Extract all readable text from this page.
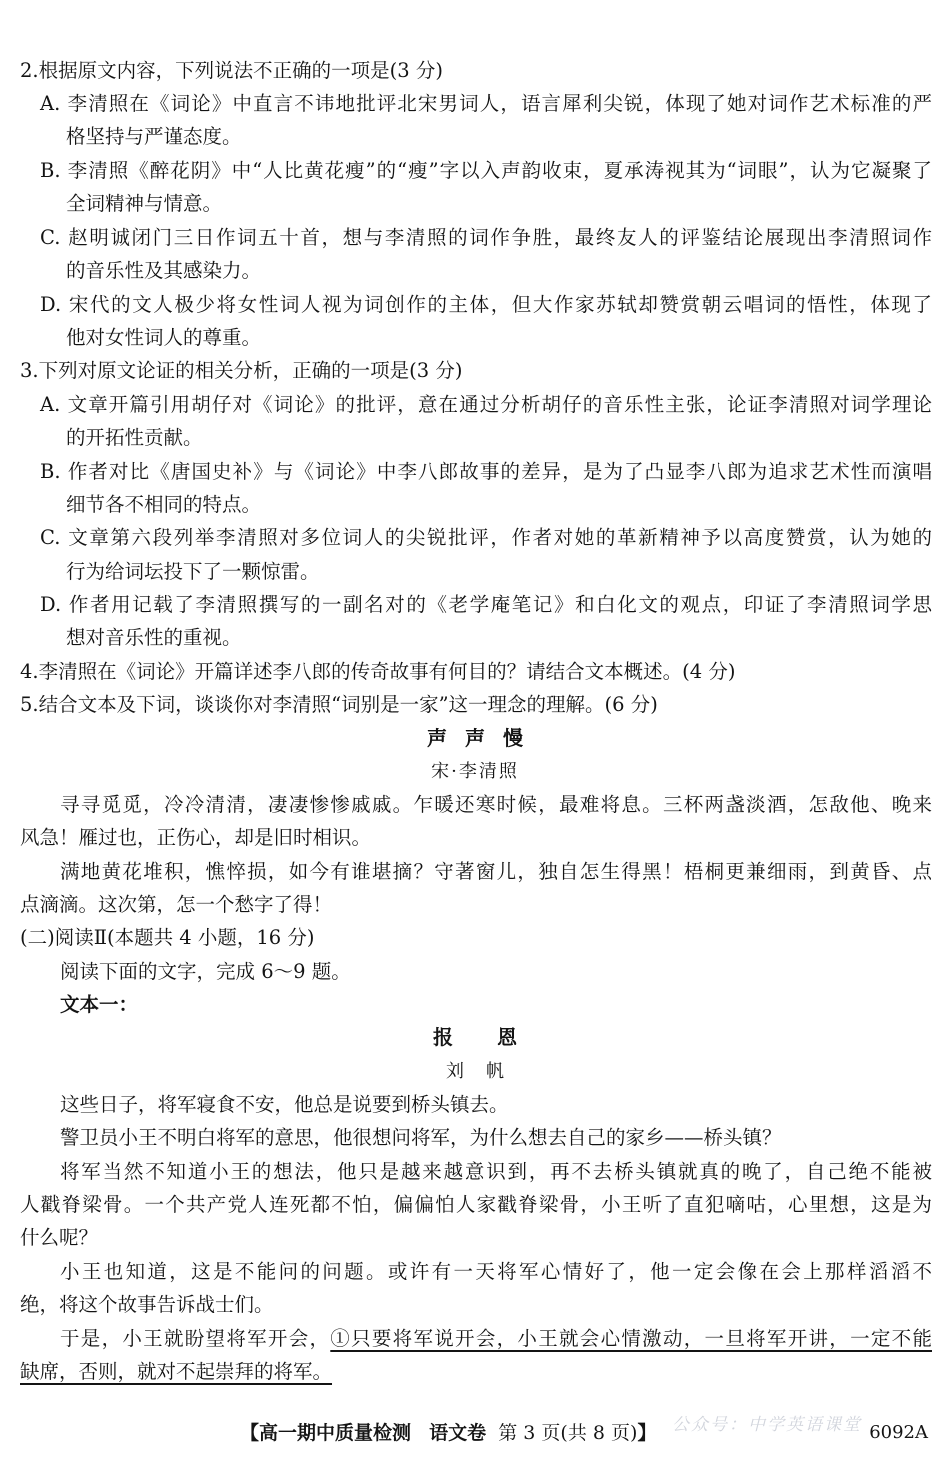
2.根据原文内容，下列说法不正确的一项是(3 分)
A. 李清照在《词论》中直言不讳地批评北宋男词人，语言犀利尖锐，体现了她对词作艺术标准的严
格坚持与严谨态度。
B. 李清照《醉花阴》中“人比黄花瘦”的“瘦”字以入声韵收束，夏承涛视其为“词眼”，认为它凝聚了
全词精神与情意。
C. 赵明诚闭门三日作词五十首，想与李清照的词作争胜，最终友人的评鉴结论展现出李清照词作
的音乐性及其感染力。
D. 宋代的文人极少将女性词人视为词创作的主体，但大作家苏轼却赞赏朝云唱词的悟性，体现了
他对女性词人的尊重。
3.下列对原文论证的相关分析，正确的一项是(3 分)
A. 文章开篇引用胡仔对《词论》的批评，意在通过分析胡仔的音乐性主张，论证李清照对词学理论
的开拓性贡献。
B. 作者对比《唐国史补》与《词论》中李八郎故事的差异，是为了凸显李八郎为追求艺术性而演唱
细节各不相同的特点。
C. 文章第六段列举李清照对多位词人的尖锐批评，作者对她的革新精神予以高度赞赏，认为她的
行为给词坛投下了一颗惊雷。
D. 作者用记载了李清照撰写的一副名对的《老学庵笔记》和白化文的观点，印证了李清照词学思
想对音乐性的重视。
4.李清照在《词论》开篇详述李八郎的传奇故事有何目的？请结合文本概述。(4 分)
5.结合文本及下词，谈谈你对李清照“词别是一家”这一理念的理解。(6 分)
声声慢
宋·李清照
寻寻觅觅，冷冷清清，凄凄惨惨戚戚。乍暖还寒时候，最难将息。三杯两盏淡酒，怎敌他、晚来
风急！雁过也，正伤心，却是旧时相识。
满地黄花堆积，憔悴损，如今有谁堪摘？守著窗儿，独自怎生得黑！梧桐更兼细雨，到黄昏、点
点滴滴。这次第，怎一个愁字了得！
(二)阅读Ⅱ(本题共 4 小题，16 分)
阅读下面的文字，完成 6～9 题。
文本一：
报恩
刘帆
这些日子，将军寝食不安，他总是说要到桥头镇去。
警卫员小王不明白将军的意思，他很想问将军，为什么想去自己的家乡——桥头镇？
将军当然不知道小王的想法，他只是越来越意识到，再不去桥头镇就真的晚了，自己绝不能被
人戳脊梁骨。一个共产党人连死都不怕，偏偏怕人家戳脊梁骨，小王听了直犯嘀咕，心里想，这是为
什么呢？
小王也知道，这是不能问的问题。或许有一天将军心情好了，他一定会像在会上那样滔滔不
绝，将这个故事告诉战士们。
于是，小王就盼望将军开会，①只要将军说开会，小王就会心情激动，一旦将军开讲，一定不能
缺席，否则，就对不起崇拜的将军。
公众号：中学英语课堂
【高一期中质量检测 语文卷 第 3 页(共 8 页)】	6092A
